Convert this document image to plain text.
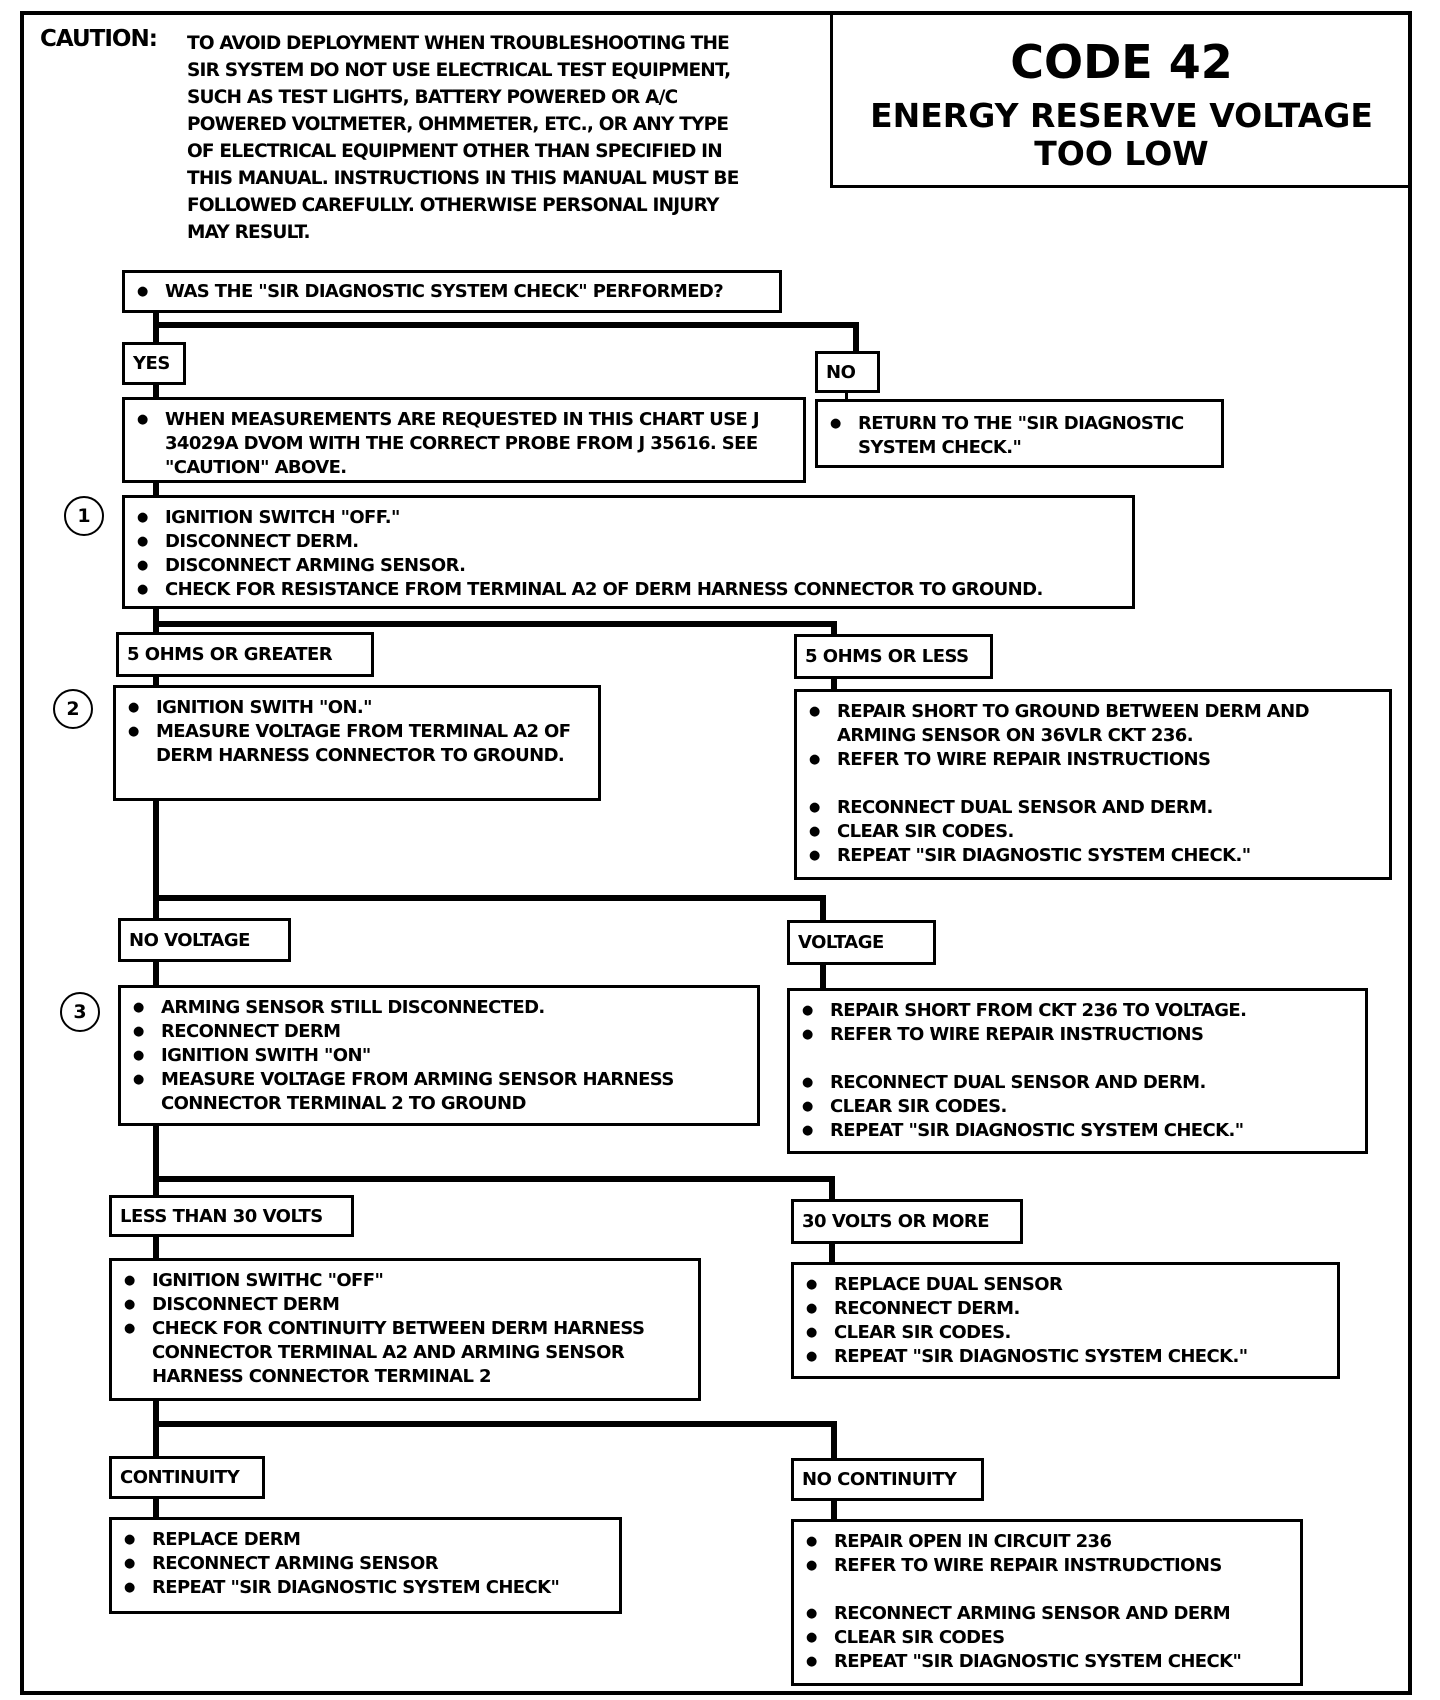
CAUTION: TO AVOID DEPLOYMENT WHEN TROUBLESHOOTING THE
SIR SYSTEM DO NOT USE ELECTRICAL TEST EQUIPMENT,
SUCH AS TEST LIGHTS, BATTERY POWERED OR A/C
POWERED VOLTMETER, OHMMETER, ETC., OR ANY TYPE
OF ELECTRICAL EQUIPMENT OTHER THAN SPECIFIED IN
THIS MANUAL. INSTRUCTIONS IN THIS MANUAL MUST BE
FOLLOWED CAREFULLY. OTHERWISE PERSONAL INJURY
MAY RESULT.
CODE 42
ENERGY RESERVE VOLTAGE
TOO LOW
● WAS THE "SIR DIAGNOSTIC SYSTEM CHECK" PERFORMED?
YES	NO
● WHEN MEASUREMENTS ARE REQUESTED IN THIS CHART USE J 34029A DVOM WITH THE CORRECT PROBE FROM J 35616. SEE "CAUTION" ABOVE.
● RETURN TO THE "SIR DIAGNOSTIC SYSTEM CHECK."
1	● IGNITION SWITCH "OFF."
● DISCONNECT DERM.
● DISCONNECT ARMING SENSOR.
● CHECK FOR RESISTANCE FROM TERMINAL A2 OF DERM HARNESS CONNECTOR TO GROUND.
5 OHMS OR GREATER	5 OHMS OR LESS
2	● IGNITION SWITH "ON."
● MEASURE VOLTAGE FROM TERMINAL A2 OF DERM HARNESS CONNECTOR TO GROUND.
● REPAIR SHORT TO GROUND BETWEEN DERM AND ARMING SENSOR ON 36VLR CKT 236.
● REFER TO WIRE REPAIR INSTRUCTIONS
● RECONNECT DUAL SENSOR AND DERM.
● CLEAR SIR CODES.
● REPEAT "SIR DIAGNOSTIC SYSTEM CHECK."
NO VOLTAGE	VOLTAGE
3	● ARMING SENSOR STILL DISCONNECTED.
● RECONNECT DERM
● IGNITION SWITH "ON"
● MEASURE VOLTAGE FROM ARMING SENSOR HARNESS CONNECTOR TERMINAL 2 TO GROUND
● REPAIR SHORT FROM CKT 236 TO VOLTAGE.
● REFER TO WIRE REPAIR INSTRUCTIONS
● RECONNECT DUAL SENSOR AND DERM.
● CLEAR SIR CODES.
● REPEAT "SIR DIAGNOSTIC SYSTEM CHECK."
LESS THAN 30 VOLTS	30 VOLTS OR MORE
● IGNITION SWITHC "OFF"
● DISCONNECT DERM
● CHECK FOR CONTINUITY BETWEEN DERM HARNESS CONNECTOR TERMINAL A2 AND ARMING SENSOR HARNESS CONNECTOR TERMINAL 2
● REPLACE DUAL SENSOR
● RECONNECT DERM.
● CLEAR SIR CODES.
● REPEAT "SIR DIAGNOSTIC SYSTEM CHECK."
CONTINUITY	NO CONTINUITY
● REPLACE DERM
● RECONNECT ARMING SENSOR
● REPEAT "SIR DIAGNOSTIC SYSTEM CHECK"
● REPAIR OPEN IN CIRCUIT 236
● REFER TO WIRE REPAIR INSTRUDCTIONS
● RECONNECT ARMING SENSOR AND DERM
● CLEAR SIR CODES
● REPEAT "SIR DIAGNOSTIC SYSTEM CHECK"
